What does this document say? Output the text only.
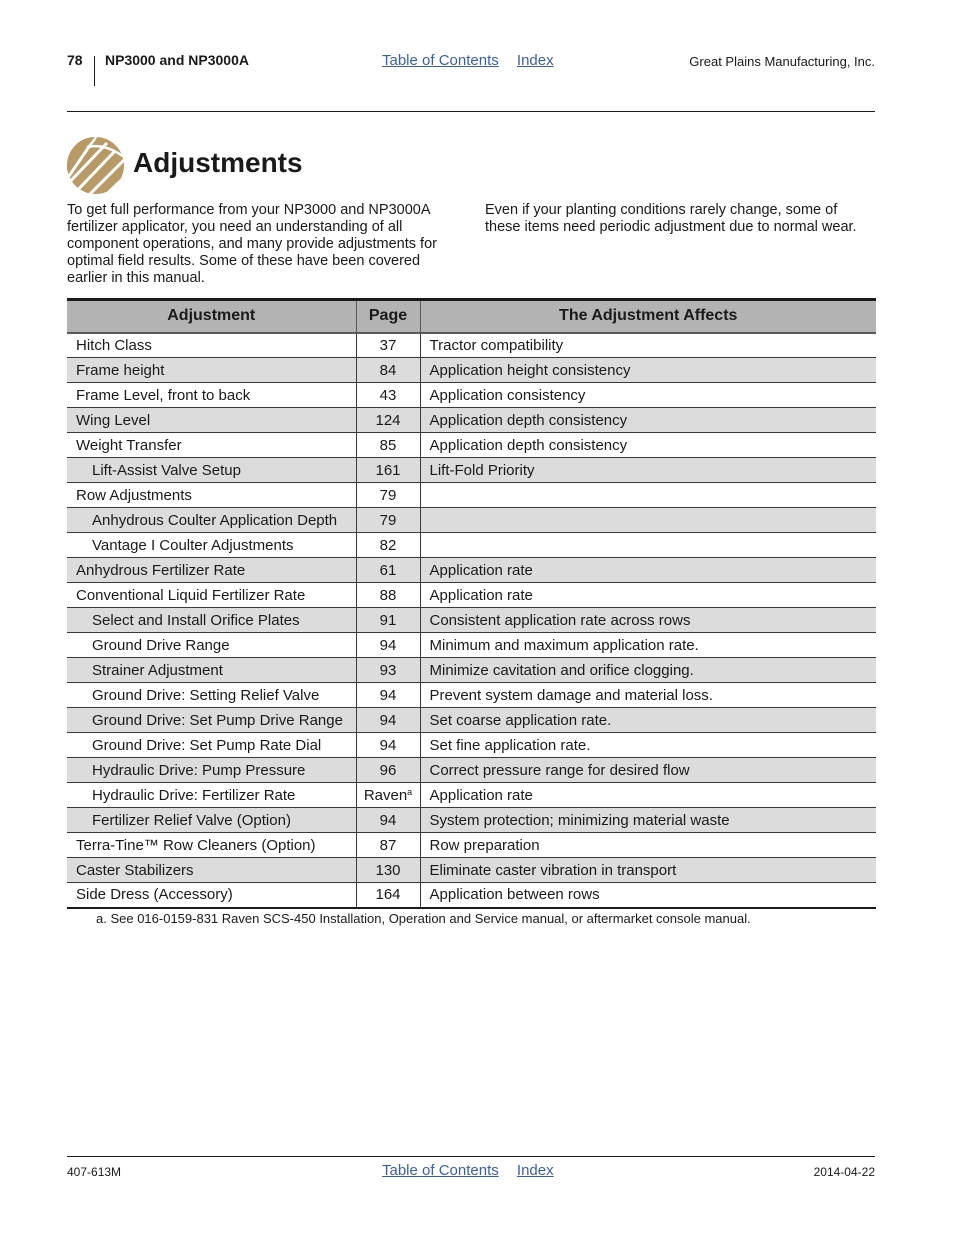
78 NP3000 and NP3000A	Table of Contents Index	Great Plains Manufacturing, Inc.
Adjustments

To get full performance from your NP3000 and NP3000A fertilizer applicator, you need an understanding of all component operations, and many provide adjustments for optimal field results. Some of these have been covered earlier in this manual.

Even if your planting conditions rarely change, some of these items need periodic adjustment due to normal wear.

Adjustment	Page	The Adjustment Affects
Hitch Class	37	Tractor compatibility
Frame height	84	Application height consistency
Frame Level, front to back	43	Application consistency
Wing Level	124	Application depth consistency
Weight Transfer	85	Application depth consistency
Lift-Assist Valve Setup	161	Lift-Fold Priority
Row Adjustments	79	
Anhydrous Coulter Application Depth	79	
Vantage I Coulter Adjustments	82	
Anhydrous Fertilizer Rate	61	Application rate
Conventional Liquid Fertilizer Rate	88	Application rate
Select and Install Orifice Plates	91	Consistent application rate across rows
Ground Drive Range	94	Minimum and maximum application rate.
Strainer Adjustment	93	Minimize cavitation and orifice clogging.
Ground Drive: Setting Relief Valve	94	Prevent system damage and material loss.
Ground Drive: Set Pump Drive Range	94	Set coarse application rate.
Ground Drive: Set Pump Rate Dial	94	Set fine application rate.
Hydraulic Drive: Pump Pressure	96	Correct pressure range for desired flow
Hydraulic Drive: Fertilizer Rate	Raven$^a$	Application rate
Fertilizer Relief Valve (Option)	94	System protection; minimizing material waste
Terra-Tine™ Row Cleaners (Option)	87	Row preparation
Caster Stabilizers	130	Eliminate caster vibration in transport
Side Dress (Accessory)	164	Application between rows

a. See 016-0159-831 Raven SCS-450 Installation, Operation and Service manual, or aftermarket console manual.

407-613M	Table of Contents Index	2014-04-22
